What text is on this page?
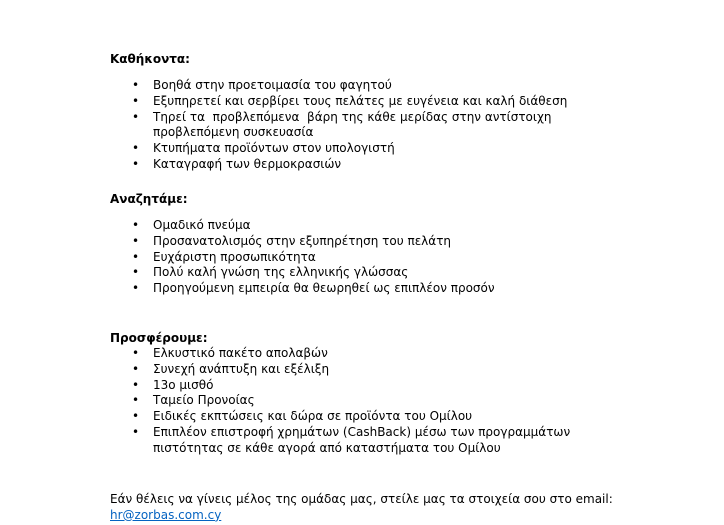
Καθήκοντα:
• Βοηθά στην προετοιμασία του φαγητού
• Εξυπηρετεί και σερβίρει τους πελάτες με ευγένεια και καλή διάθεση
• Τηρεί τα  προβλεπόμενα  βάρη της κάθε μερίδας στην αντίστοιχη
προβλεπόμενη συσκευασία
• Κτυπήματα προϊόντων στον υπολογιστή
• Καταγραφή των θερμοκρασιών
Αναζητάμε:
• Ομαδικό πνεύμα
• Προσανατολισμός στην εξυπηρέτηση του πελάτη
• Ευχάριστη προσωπικότητα
• Πολύ καλή γνώση της ελληνικής γλώσσας
• Προηγούμενη εμπειρία θα θεωρηθεί ως επιπλέον προσόν
Προσφέρουμε:
• Ελκυστικό πακέτο απολαβών
• Συνεχή ανάπτυξη και εξέλιξη
• 13ο μισθό
• Ταμείο Προνοίας
• Ειδικές εκπτώσεις και δώρα σε προϊόντα του Ομίλου
• Επιπλέον επιστροφή χρημάτων (CashBack) μέσω των προγραμμάτων
πιστότητας σε κάθε αγορά από καταστήματα του Ομίλου
Εάν θέλεις να γίνεις μέλος της ομάδας μας, στείλε μας τα στοιχεία σου στο email:
hr@zorbas.com.cy
